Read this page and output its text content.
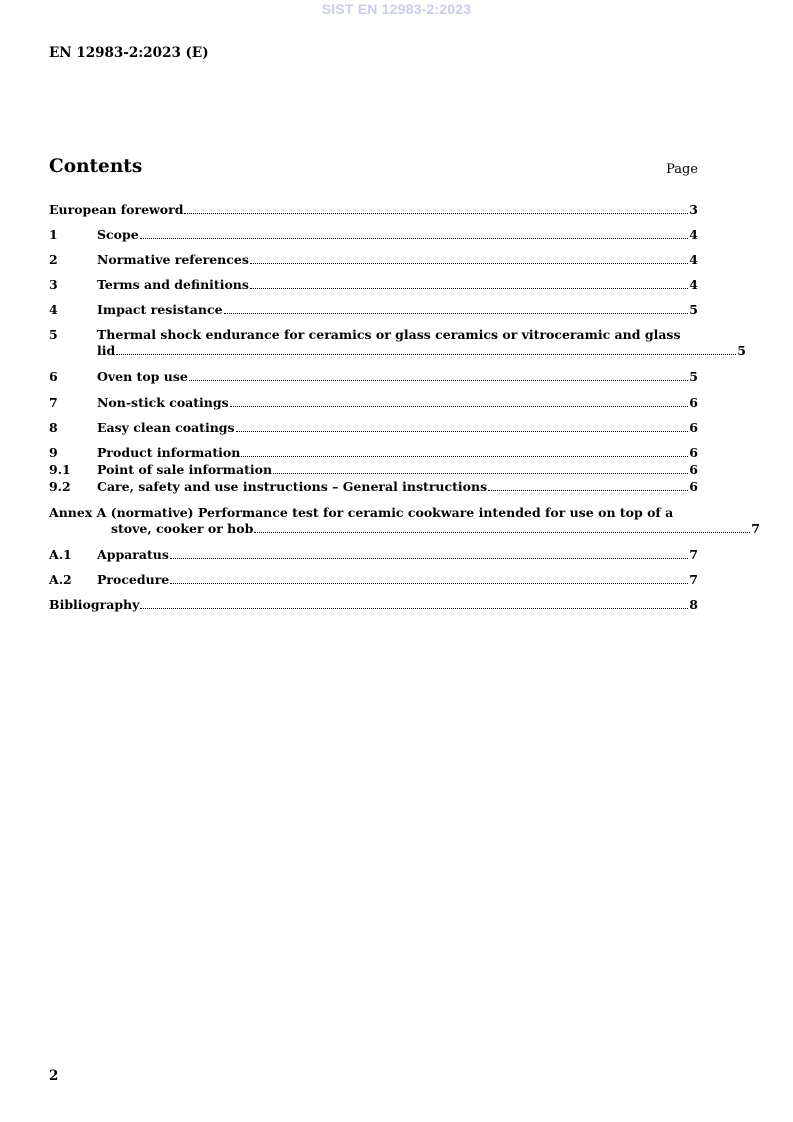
SIST EN 12983-2:2023
EN 12983-2:2023 (E)
Contents	Page
European foreword	3
1	Scope	4
2	Normative references	4
3	Terms and definitions	4
4	Impact resistance	5
5	Thermal shock endurance for ceramics or glass ceramics or vitroceramic and glass
lid	5
6	Oven top use	5
7	Non-stick coatings	6
8	Easy clean coatings	6
9	Product information	6
9.1	Point of sale information	6
9.2	Care, safety and use instructions – General instructions	6
Annex A (normative) Performance test for ceramic cookware intended for use on top of a
stove, cooker or hob	7
A.1	Apparatus	7
A.2	Procedure	7
Bibliography	8
2
